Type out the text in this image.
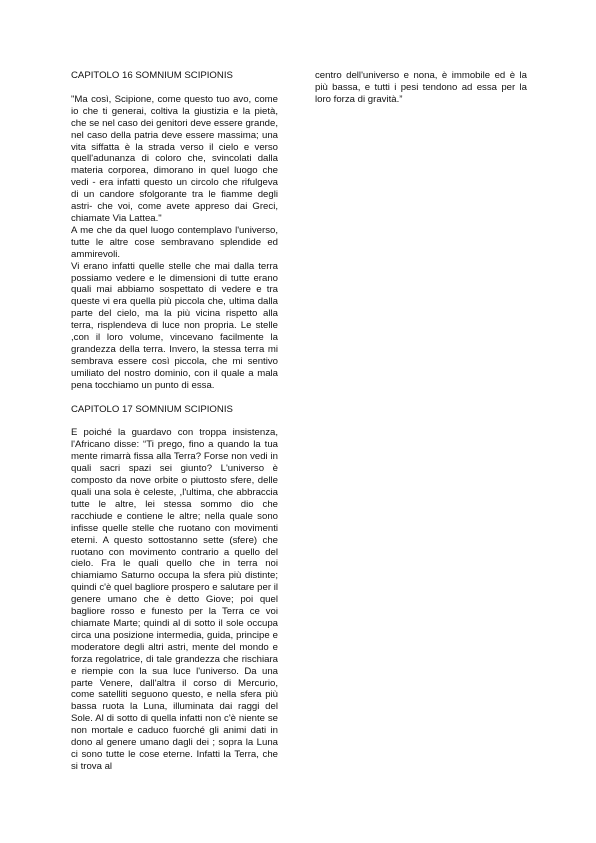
CAPITOLO 16 SOMNIUM SCIPIONIS

"Ma così, Scipione, come questo tuo avo, come io che ti generai, coltiva la giustizia e la pietà, che se nel caso dei genitori deve essere grande, nel caso della patria deve essere massima; una vita siffatta è la strada verso il cielo e verso quell'adunanza di coloro che, svincolati dalla materia corporea, dimorano in quel luogo che vedi - era infatti questo un circolo che rifulgeva di un candore sfolgorante tra le fiamme degli astri- che voi, come avete appreso dai Greci, chiamate Via Lattea."

A me che da quel luogo contemplavo l'universo, tutte le altre cose sembravano splendide ed ammirevoli.

Vi erano infatti quelle stelle che mai dalla terra possiamo vedere e le dimensioni di tutte erano quali mai abbiamo sospettato di vedere e tra queste vi era quella più piccola che, ultima dalla parte del cielo, ma la più vicina rispetto alla terra, risplendeva di luce non propria. Le stelle ,con il loro volume, vincevano facilmente la grandezza della terra. Invero, la stessa terra mi sembrava essere così piccola, che mi sentivo umiliato del nostro dominio, con il quale a mala pena tocchiamo un punto di essa.

CAPITOLO 17 SOMNIUM SCIPIONIS

E poiché la guardavo con troppa insistenza, l'Africano disse: “Ti prego, fino a quando la tua mente rimarrà fissa alla Terra? Forse non vedi in quali sacri spazi sei giunto? L'universo è composto da nove orbite o piuttosto sfere, delle quali una sola è celeste, ,l'ultima, che abbraccia tutte le altre, lei stessa sommo dio che racchiude e contiene le altre; nella quale sono infisse quelle stelle che ruotano con movimenti eterni. A questo sottostanno sette (sfere) che ruotano con movimento contrario a quello del cielo. Fra le quali quello che in terra noi chiamiamo Saturno occupa la sfera più distinte; quindi c'è quel bagliore prospero e salutare per il genere umano che è detto Giove; poi quel bagliore rosso e funesto per la Terra ce voi chiamate Marte; quindi al di sotto il sole occupa circa una posizione intermedia, guida, principe e moderatore degli altri astri, mente del mondo e forza regolatrice, di tale grandezza che rischiara e riempie con la sua luce l'universo. Da una parte Venere, dall'altra il corso di Mercurio, come satelliti seguono questo, e nella sfera più bassa ruota la Luna, illuminata dai raggi del Sole. Al di sotto di quella infatti non c'è niente se non mortale e caduco fuorché gli animi dati in dono al genere umano dagli dei ; sopra la Luna ci sono tutte le cose eterne. Infatti la Terra, che si trova al

centro dell'universo e nona, è immobile ed è la più bassa, e tutti i pesi tendono ad essa per la loro forza di gravità.”
